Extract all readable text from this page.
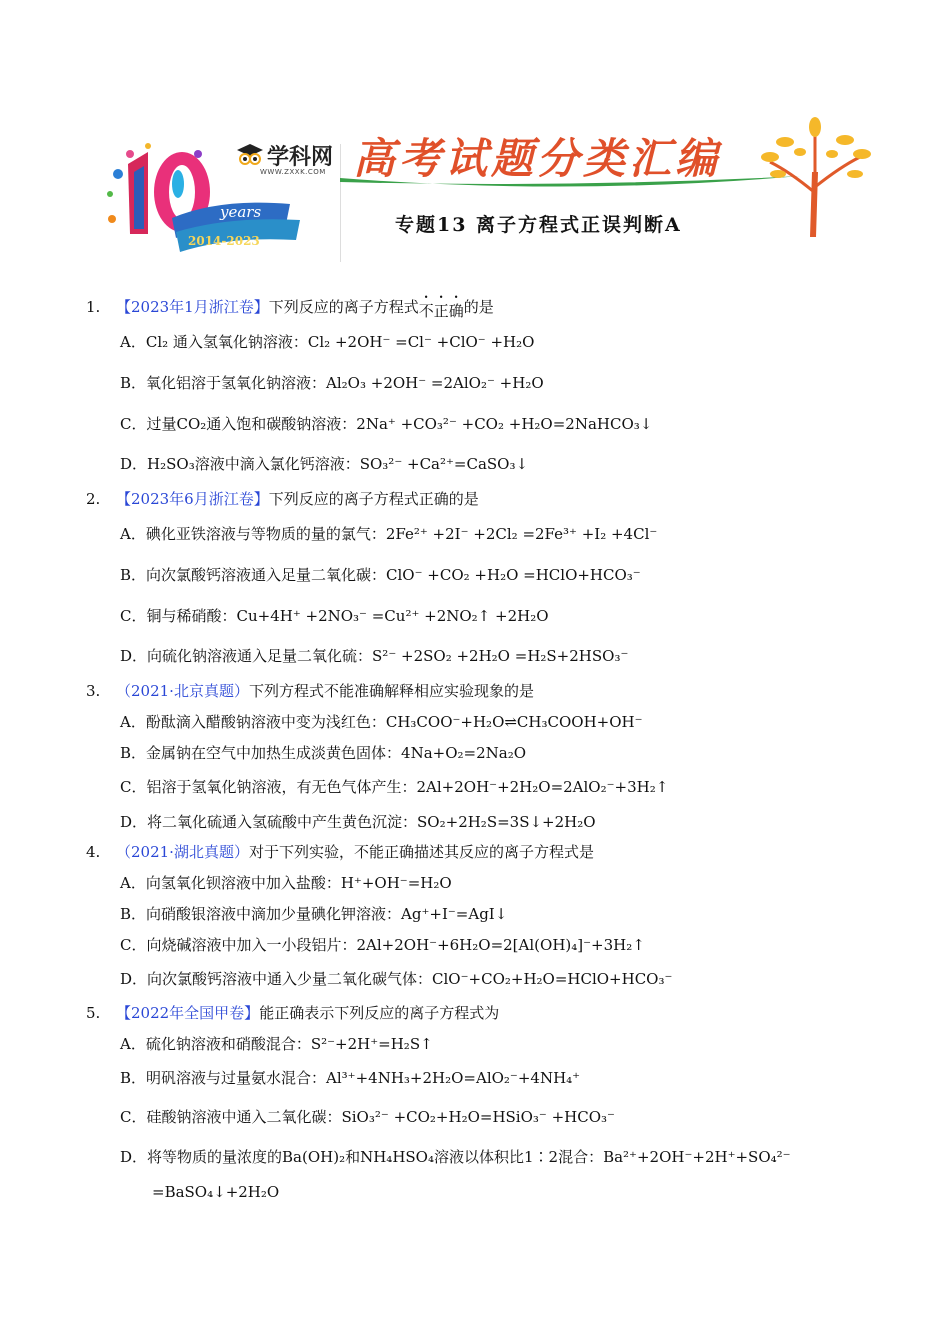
years
2014-2023
学科网
WWW.ZXXK.COM 高考试题分类汇编
专题13 离子方程式正误判断A
1.	【2023年1月浙江卷】 下列反应的离子方程式 不正确 的是
A． Cl₂ 通入氢氧化钠溶液：Cl₂ +2OH⁻ =Cl⁻ +ClO⁻ +H₂O
B． 氧化铝溶于氢氧化钠溶液：Al₂O₃ +2OH⁻ =2AlO₂⁻ +H₂O
C． 过量CO₂通入饱和碳酸钠溶液：2Na⁺ +CO₃²⁻ +CO₂ +H₂O=2NaHCO₃↓
D． H₂SO₃溶液中滴入氯化钙溶液：SO₃²⁻ +Ca²⁺=CaSO₃↓
2.	【2023年6月浙江卷】 下列反应的离子方程式正确的是
A． 碘化亚铁溶液与等物质的量的氯气：2Fe²⁺ +2I⁻ +2Cl₂ =2Fe³⁺ +I₂ +4Cl⁻
B． 向次氯酸钙溶液通入足量二氧化碳：ClO⁻ +CO₂ +H₂O =HClO+HCO₃⁻
C． 铜与稀硝酸：Cu+4H⁺ +2NO₃⁻ =Cu²⁺ +2NO₂↑ +2H₂O
D． 向硫化钠溶液通入足量二氧化硫：S²⁻ +2SO₂ +2H₂O =H₂S+2HSO₃⁻
3.	（2021·北京真题） 下列方程式不能准确解释相应实验现象的是
A． 酚酞滴入醋酸钠溶液中变为浅红色：CH₃COO⁻+H₂O⇌CH₃COOH+OH⁻
B． 金属钠在空气中加热生成淡黄色固体：4Na+O₂=2Na₂O
C． 铝溶于氢氧化钠溶液，有无色气体产生：2Al+2OH⁻+2H₂O=2AlO₂⁻+3H₂↑
D． 将二氧化硫通入氢硫酸中产生黄色沉淀：SO₂+2H₂S=3S↓+2H₂O
4.	（2021·湖北真题） 对于下列实验，不能正确描述其反应的离子方程式是
A． 向氢氧化钡溶液中加入盐酸：H⁺+OH⁻=H₂O
B． 向硝酸银溶液中滴加少量碘化钾溶液：Ag⁺+I⁻=AgI↓
C． 向烧碱溶液中加入一小段铝片：2Al+2OH⁻+6H₂O=2[Al(OH)₄]⁻+3H₂↑
D． 向次氯酸钙溶液中通入少量二氧化碳气体：ClO⁻+CO₂+H₂O=HClO+HCO₃⁻
5.	【2022年全国甲卷】 能正确表示下列反应的离子方程式为
A． 硫化钠溶液和硝酸混合：S²⁻+2H⁺=H₂S↑
B． 明矾溶液与过量氨水混合：Al³⁺+4NH₃+2H₂O=AlO₂⁻+4NH₄⁺
C． 硅酸钠溶液中通入二氧化碳：SiO₃²⁻ +CO₂+H₂O=HSiO₃⁻ +HCO₃⁻
D． 将等物质的量浓度的Ba(OH)₂和NH₄HSO₄溶液以体积比1∶2混合：Ba²⁺+2OH⁻+2H⁺+SO₄²⁻
=BaSO₄↓+2H₂O
